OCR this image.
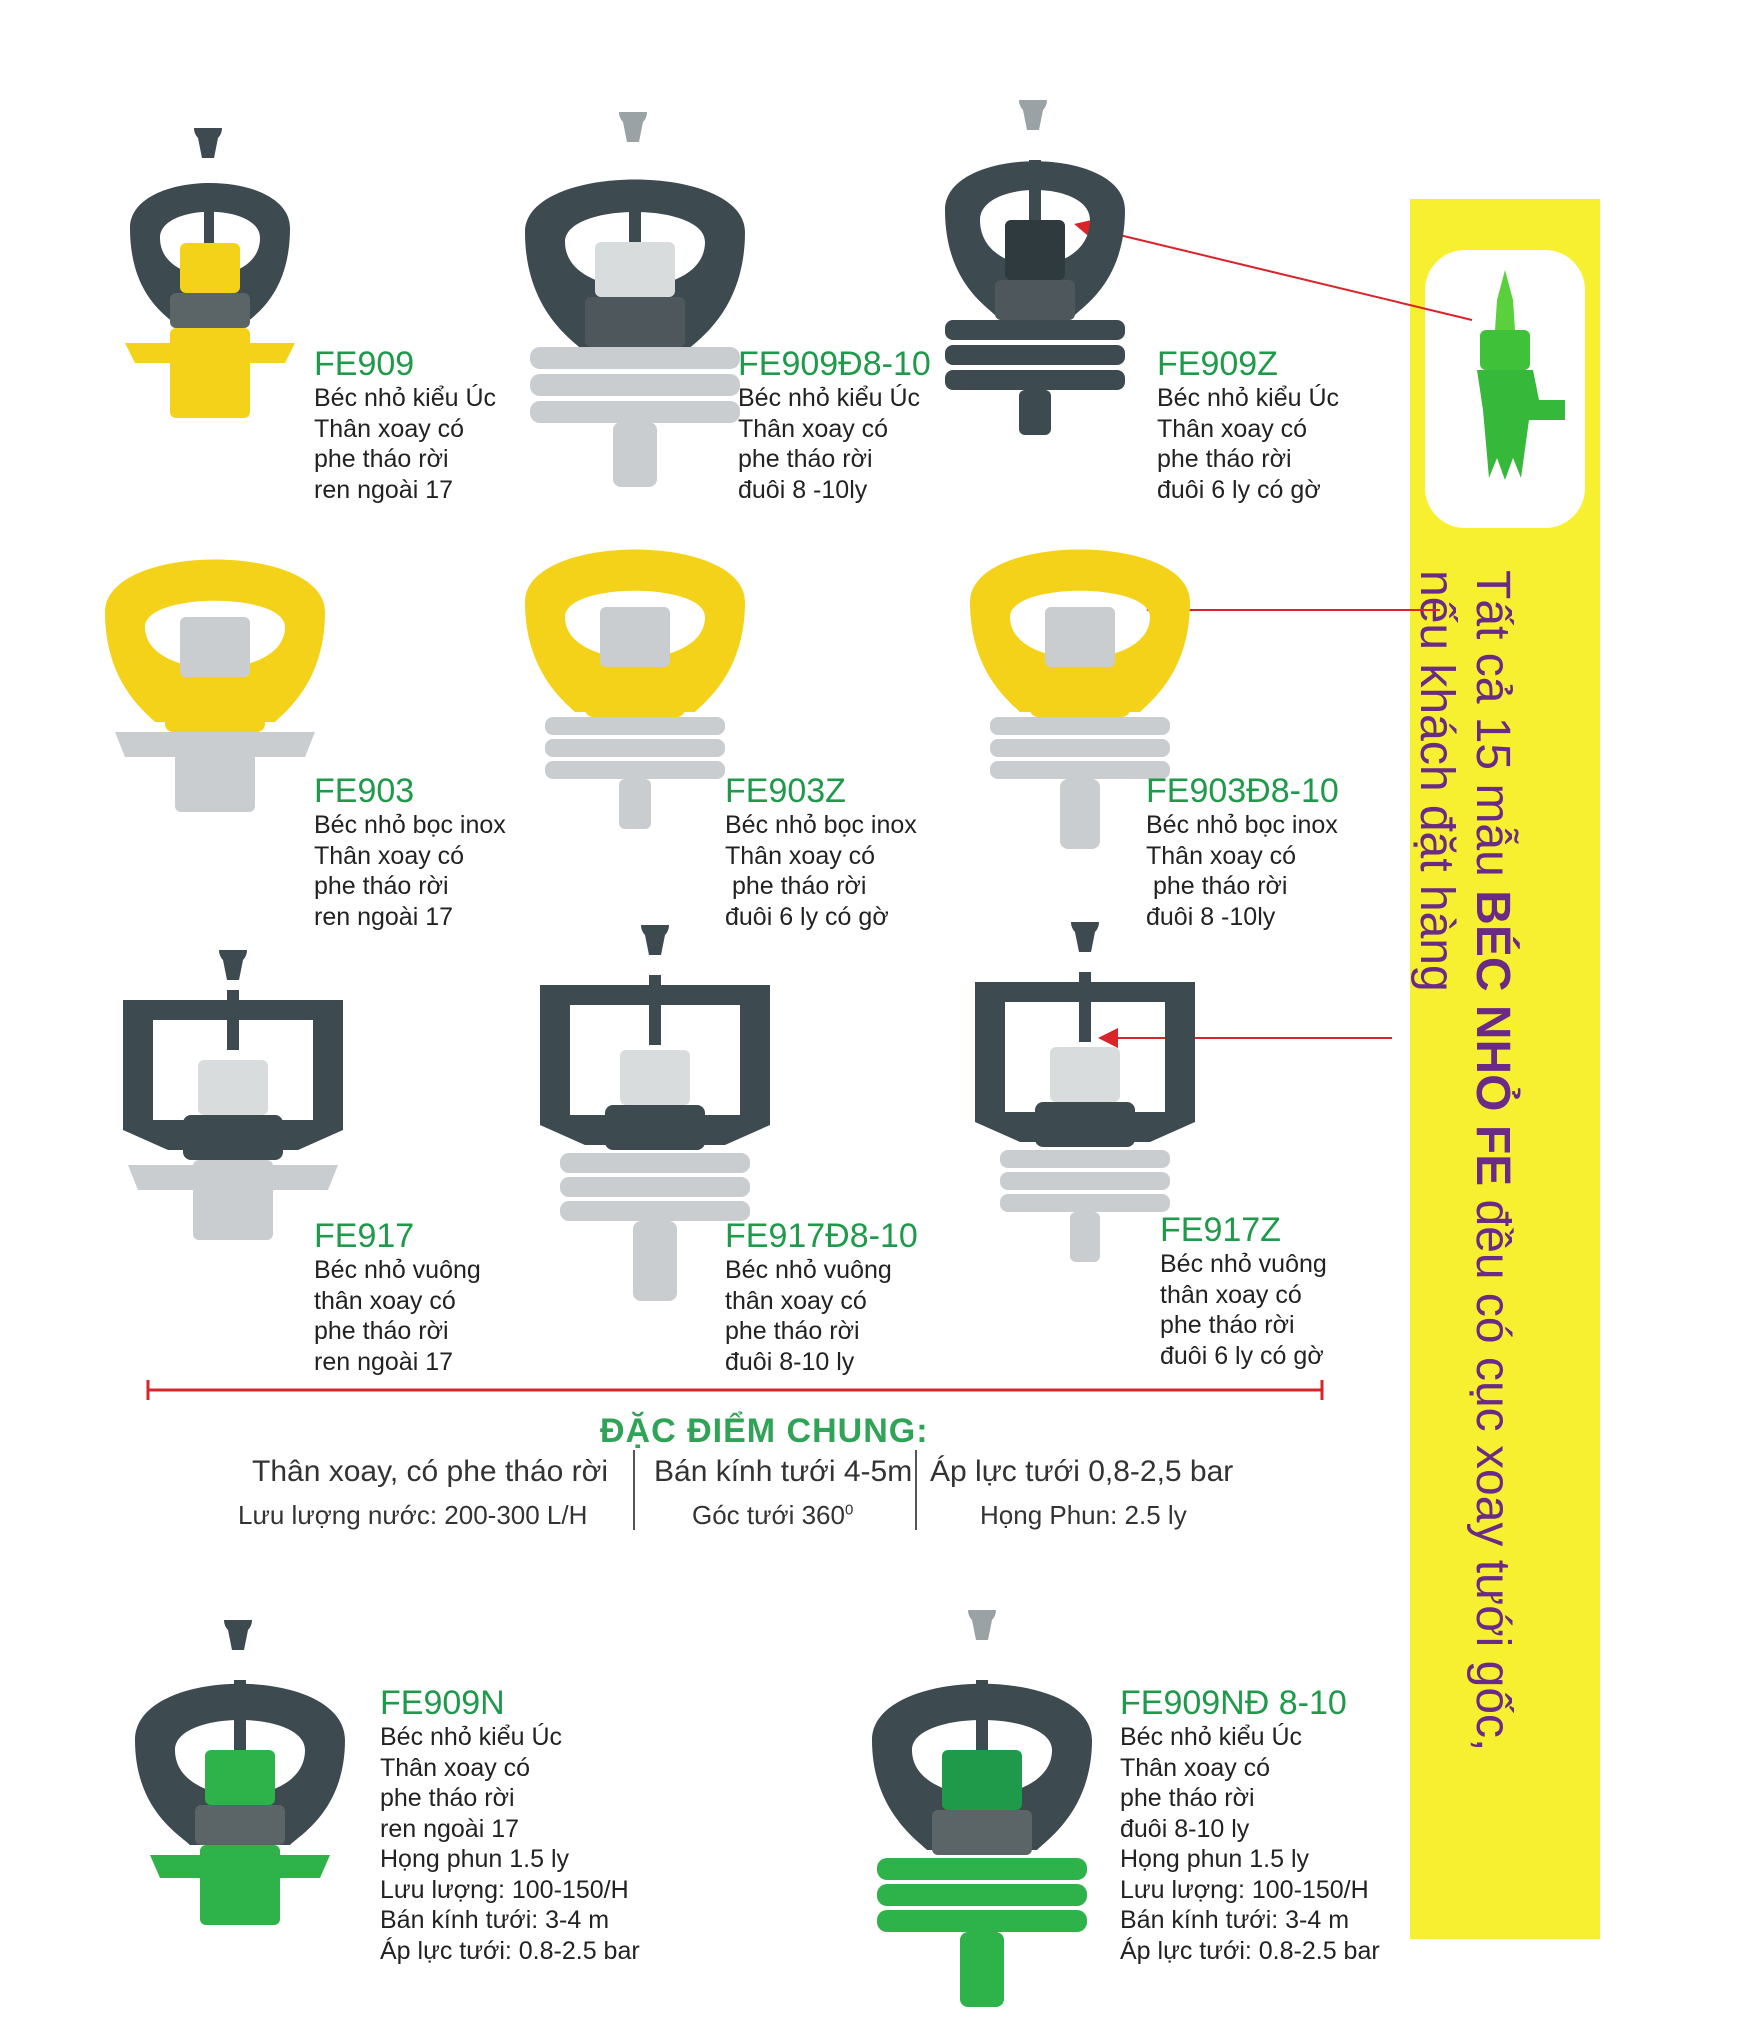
Tất cả 15 mẫu BÉC NHỎ FE đều có cục xoay tưới gốc,
nếu khách đặt hàng
FE909
Béc nhỏ kiểu Úc
Thân xoay có
phe tháo rời
ren ngoài 17
FE909Đ8-10
Béc nhỏ kiểu Úc
Thân xoay có
phe tháo rời
đuôi 8 -10ly
FE909Z
Béc nhỏ kiểu Úc
Thân xoay có
phe tháo rời
đuôi 6 ly có gờ
FE903
Béc nhỏ bọc inox
Thân xoay có
phe tháo rời
ren ngoài 17
FE903Z
Béc nhỏ bọc inox
Thân xoay có
phe tháo rời
đuôi 6 ly có gờ
FE903Đ8-10
Béc nhỏ bọc inox
Thân xoay có
phe tháo rời
đuôi 8 -10ly
FE917
Béc nhỏ vuông
thân xoay có
phe tháo rời
ren ngoài 17
FE917Đ8-10
Béc nhỏ vuông
thân xoay có
phe tháo rời
đuôi 8-10 ly
FE917Z
Béc nhỏ vuông
thân xoay có
phe tháo rời
đuôi 6 ly có gờ
ĐẶC ĐIỂM CHUNG:
Thân xoay, có phe tháo rời
Lưu lượng nước: 200-300 L/H
Bán kính tưới 4-5m
Góc tưới $360^0$
Áp lực tưới 0,8-2,5 bar
Họng Phun: 2.5 ly
FE909N
Béc nhỏ kiểu Úc
Thân xoay có
phe tháo rời
ren ngoài 17
Họng phun 1.5 ly
Lưu lượng: 100-150/H
Bán kính tưới: 3-4 m
Áp lực tưới: 0.8-2.5 bar
FE909NĐ 8-10
Béc nhỏ kiểu Úc
Thân xoay có
phe tháo rời
đuôi 8-10 ly
Họng phun 1.5 ly
Lưu lượng: 100-150/H
Bán kính tưới: 3-4 m
Áp lực tưới: 0.8-2.5 bar
